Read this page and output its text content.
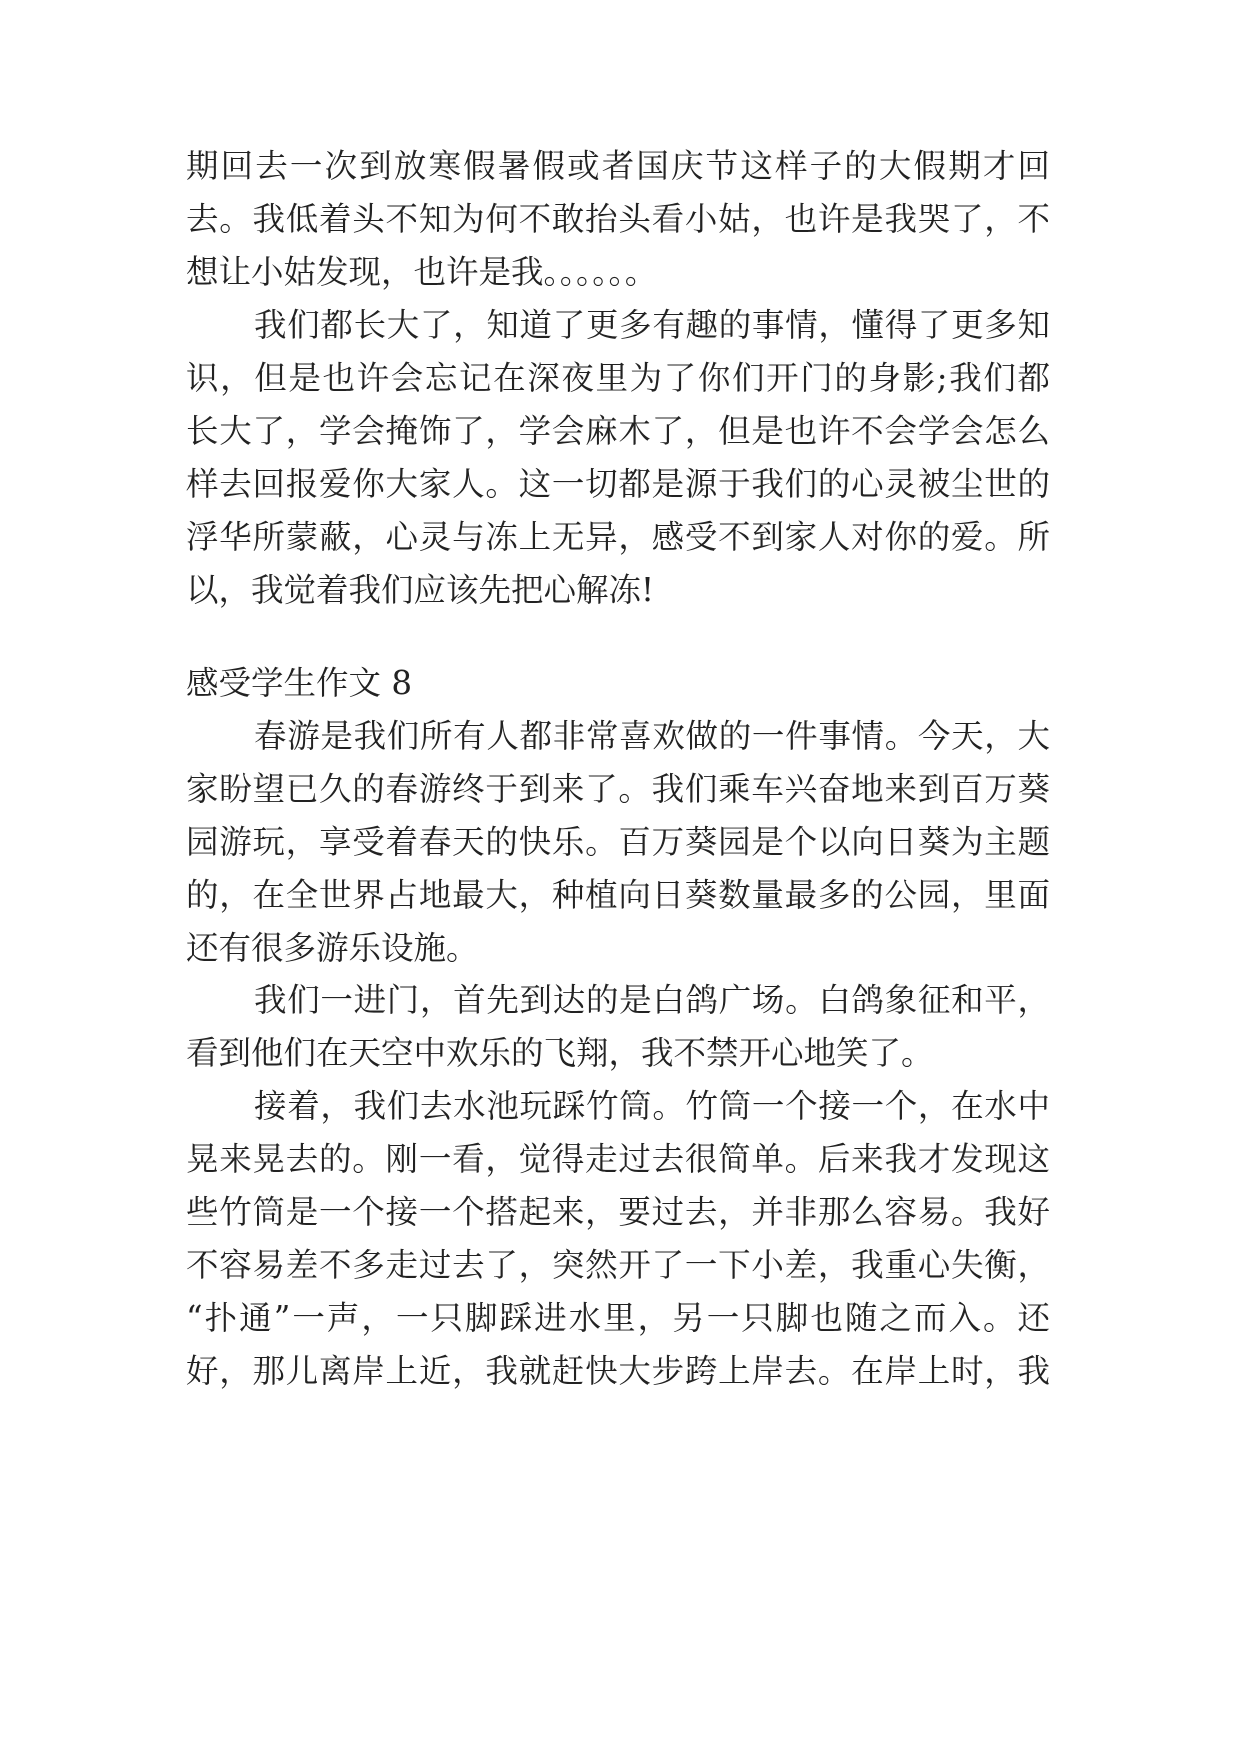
期回去一次到放寒假暑假或者国庆节这样子的大假期才回
去。我低着头不知为何不敢抬头看小姑，也许是我哭了，不
想让小姑发现，也许是我。。。。。。
我们都长大了，知道了更多有趣的事情，懂得了更多知
识，但是也许会忘记在深夜里为了你们开门的身影;我们都
长大了，学会掩饰了，学会麻木了，但是也许不会学会怎么
样去回报爱你大家人。这一切都是源于我们的心灵被尘世的
浮华所蒙蔽，心灵与冻上无异，感受不到家人对你的爱。所
以，我觉着我们应该先把心解冻!
感受学生作文 8
春游是我们所有人都非常喜欢做的一件事情。今天，大
家盼望已久的春游终于到来了。我们乘车兴奋地来到百万葵
园游玩，享受着春天的快乐。百万葵园是个以向日葵为主题
的，在全世界占地最大，种植向日葵数量最多的公园，里面
还有很多游乐设施。
我们一进门，首先到达的是白鸽广场。白鸽象征和平，
看到他们在天空中欢乐的飞翔，我不禁开心地笑了。
接着，我们去水池玩踩竹筒。竹筒一个接一个，在水中
晃来晃去的。刚一看，觉得走过去很简单。后来我才发现这
些竹筒是一个接一个搭起来，要过去，并非那么容易。我好
不容易差不多走过去了，突然开了一下小差，我重心失衡，
“扑通”一声，一只脚踩进水里，另一只脚也随之而入。还
好，那儿离岸上近，我就赶快大步跨上岸去。在岸上时，我
